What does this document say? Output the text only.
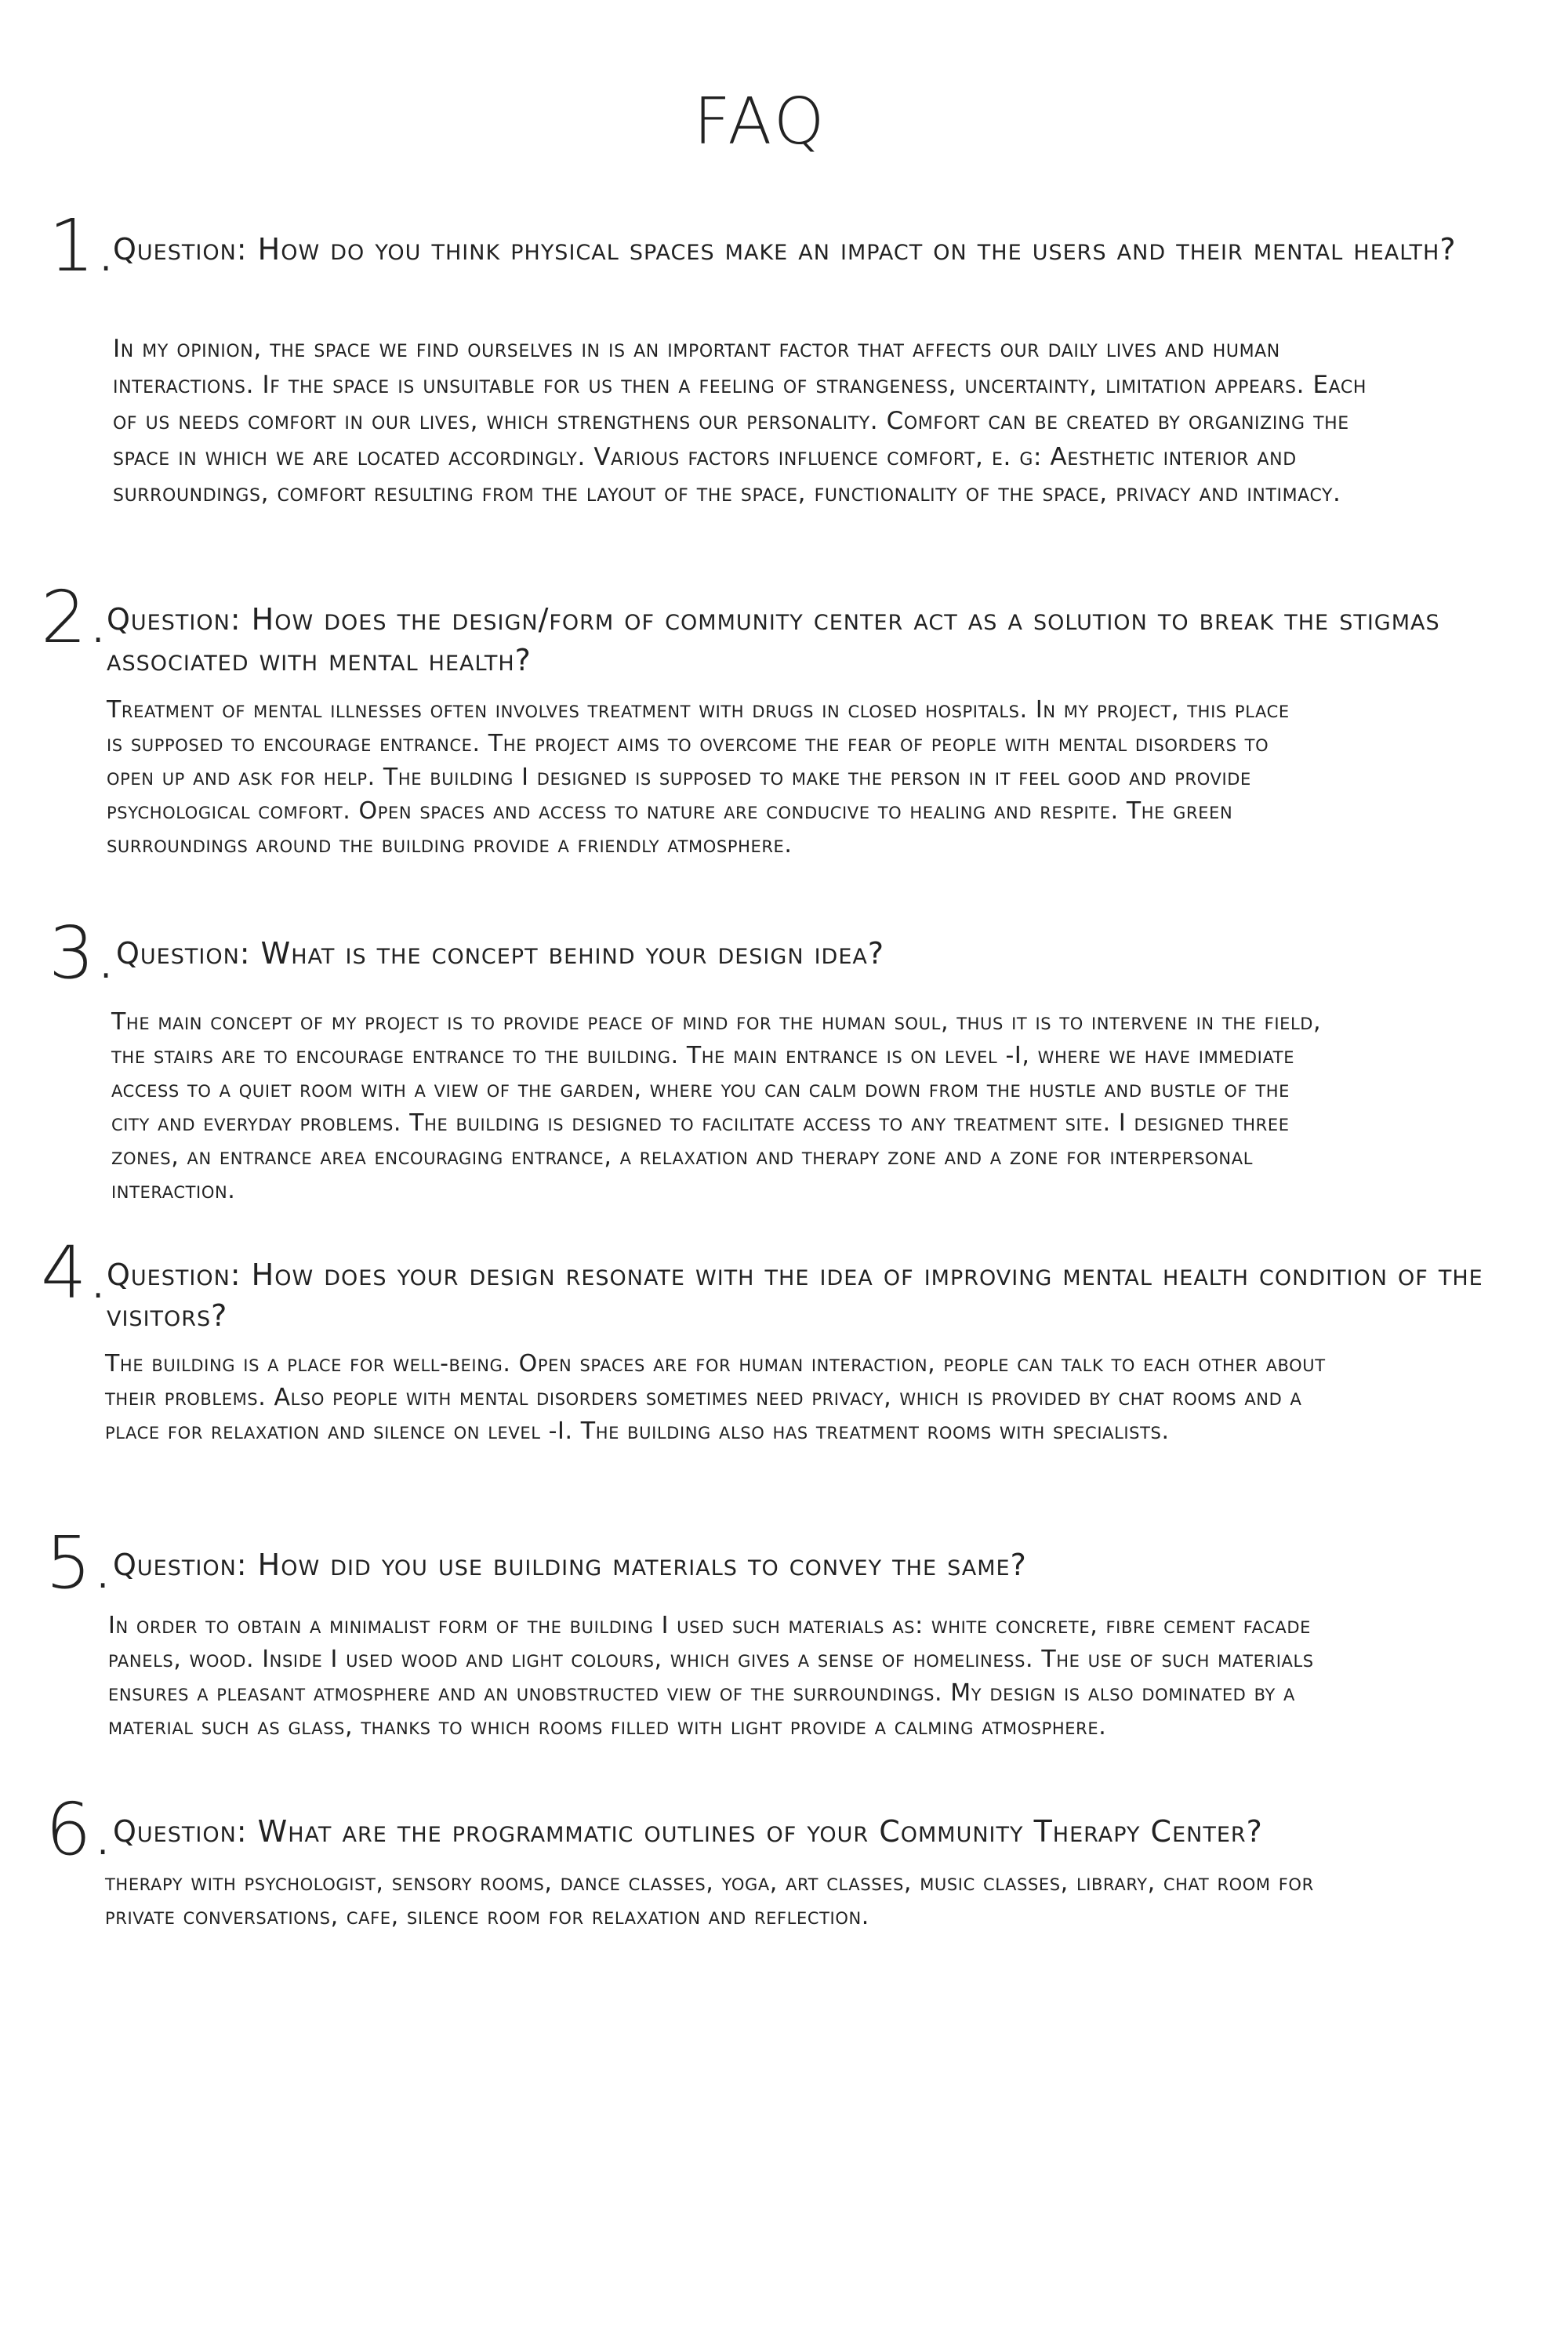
FAQ
1.
Question: How do you think physical spaces make an impact on the users and their mental health?
In my opinion, the space we find ourselves in is an important factor that affects our daily lives and human interactions. If the space is unsuitable for us then a feeling of strangeness, uncertainty, limitation appears. Each of us needs comfort in our lives, which strengthens our personality. Comfort can be created by organizing the space in which we are located accordingly. Various factors influence comfort, e. g: Aesthetic interior and surroundings, comfort resulting from the layout of the space, functionality of the space, privacy and intimacy.
2.
Question: How does the design/form of community center act as a solution to break the stigmas associated with mental health?
Treatment of mental illnesses often involves treatment with drugs in closed hospitals. In my project, this place is supposed to encourage entrance. The project aims to overcome the fear of people with mental disorders to open up and ask for help. The building I designed is supposed to make the person in it feel good and provide psychological comfort. Open spaces and access to nature are conducive to healing and respite. The green surroundings around the building provide a friendly atmosphere.
3.
Question: What is the concept behind your design idea?
The main concept of my project is to provide peace of mind for the human soul, thus it is to intervene in the field, the stairs are to encourage entrance to the building. The main entrance is on level -I, where we have immediate access to a quiet room with a view of the garden, where you can calm down from the hustle and bustle of the city and everyday problems. The building is designed to facilitate access to any treatment site. I designed three zones, an entrance area encouraging entrance, a relaxation and therapy zone and a zone for interpersonal interaction.
4.
Question: How does your design resonate with the idea of improving mental health condition of the visitors?
The building is a place for well-being. Open spaces are for human interaction, people can talk to each other about their problems. Also people with mental disorders sometimes need privacy, which is provided by chat rooms and a place for relaxation and silence on level -I. The building also has treatment rooms with specialists.
5.
Question: How did you use building materials to convey the same?
In order to obtain a minimalist form of the building I used such materials as: white concrete, fibre cement facade panels, wood. Inside I used wood and light colours, which gives a sense of homeliness. The use of such materials ensures a pleasant atmosphere and an unobstructed view of the surroundings. My design is also dominated by a material such as glass, thanks to which rooms filled with light provide a calming atmosphere.
6.
Question: What are the programmatic outlines of your Community Therapy Center?
therapy with psychologist, sensory rooms, dance classes, yoga, art classes, music classes, library, chat room for private conversations, cafe, silence room for relaxation and reflection.
